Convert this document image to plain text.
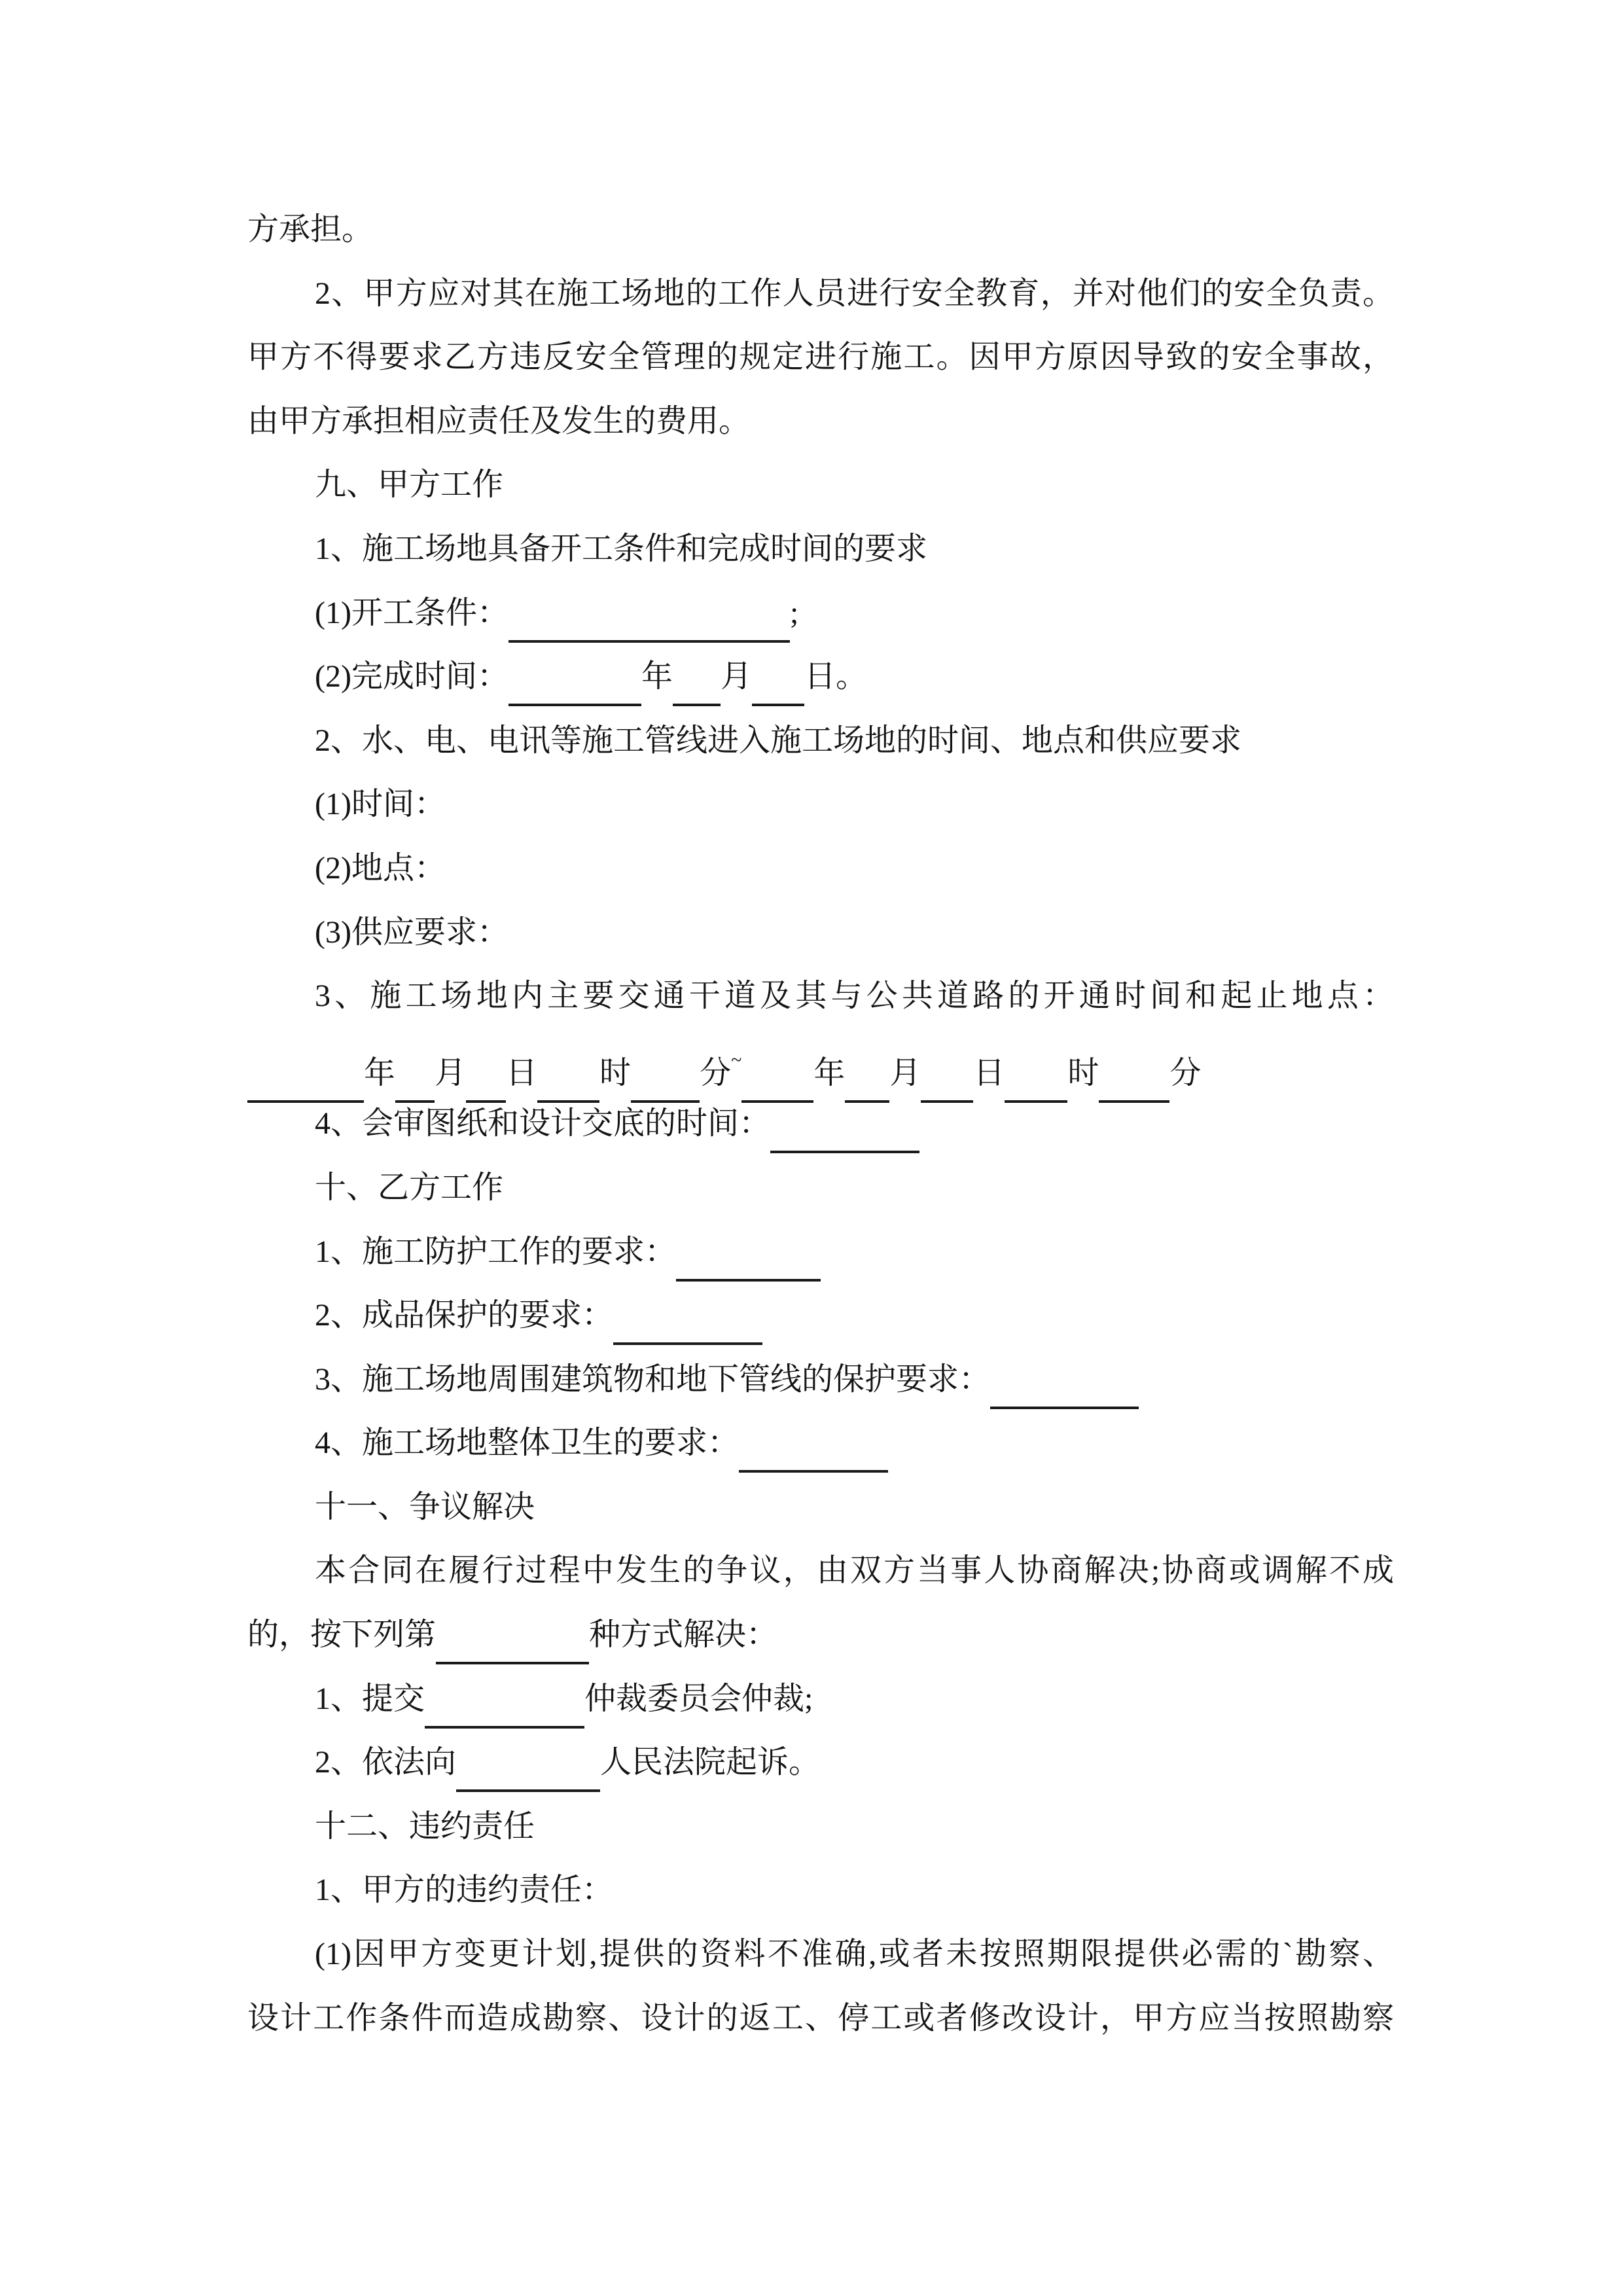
方承担。
2、甲方应对其在施工场地的工作人员进行安全教育，并对他们的安全负责。
甲方不得要求乙方违反安全管理的规定进行施工。因甲方原因导致的安全事故，
由甲方承担相应责任及发生的费用。
九、甲方工作
1、施工场地具备开工条件和完成时间的要求
(1)开工条件：	;
(2)完成时间：	年 月 日。
2、水、电、电讯等施工管线进入施工场地的时间、地点和供应要求
(1)时间：
(2)地点：
(3)供应要求：
3、施工场地内主要交通干道及其与公共道路的开通时间和起止地点：
年 月 日 时 分~ 年 月 日 时 分
4、会审图纸和设计交底的时间：
十、乙方工作
1、施工防护工作的要求：
2、成品保护的要求：
3、施工场地周围建筑物和地下管线的保护要求：
4、施工场地整体卫生的要求：
十一、争议解决
本合同在履行过程中发生的争议，由双方当事人协商解决;协商或调解不成
的，按下列第	种方式解决：
1、提交	仲裁委员会仲裁;
2、依法向	人民法院起诉。
十二、违约责任
1、甲方的违约责任：
(1)因甲方变更计划,提供的资料不准确,或者未按照期限提供必需的`勘察、
设计工作条件而造成勘察、设计的返工、停工或者修改设计，甲方应当按照勘察
